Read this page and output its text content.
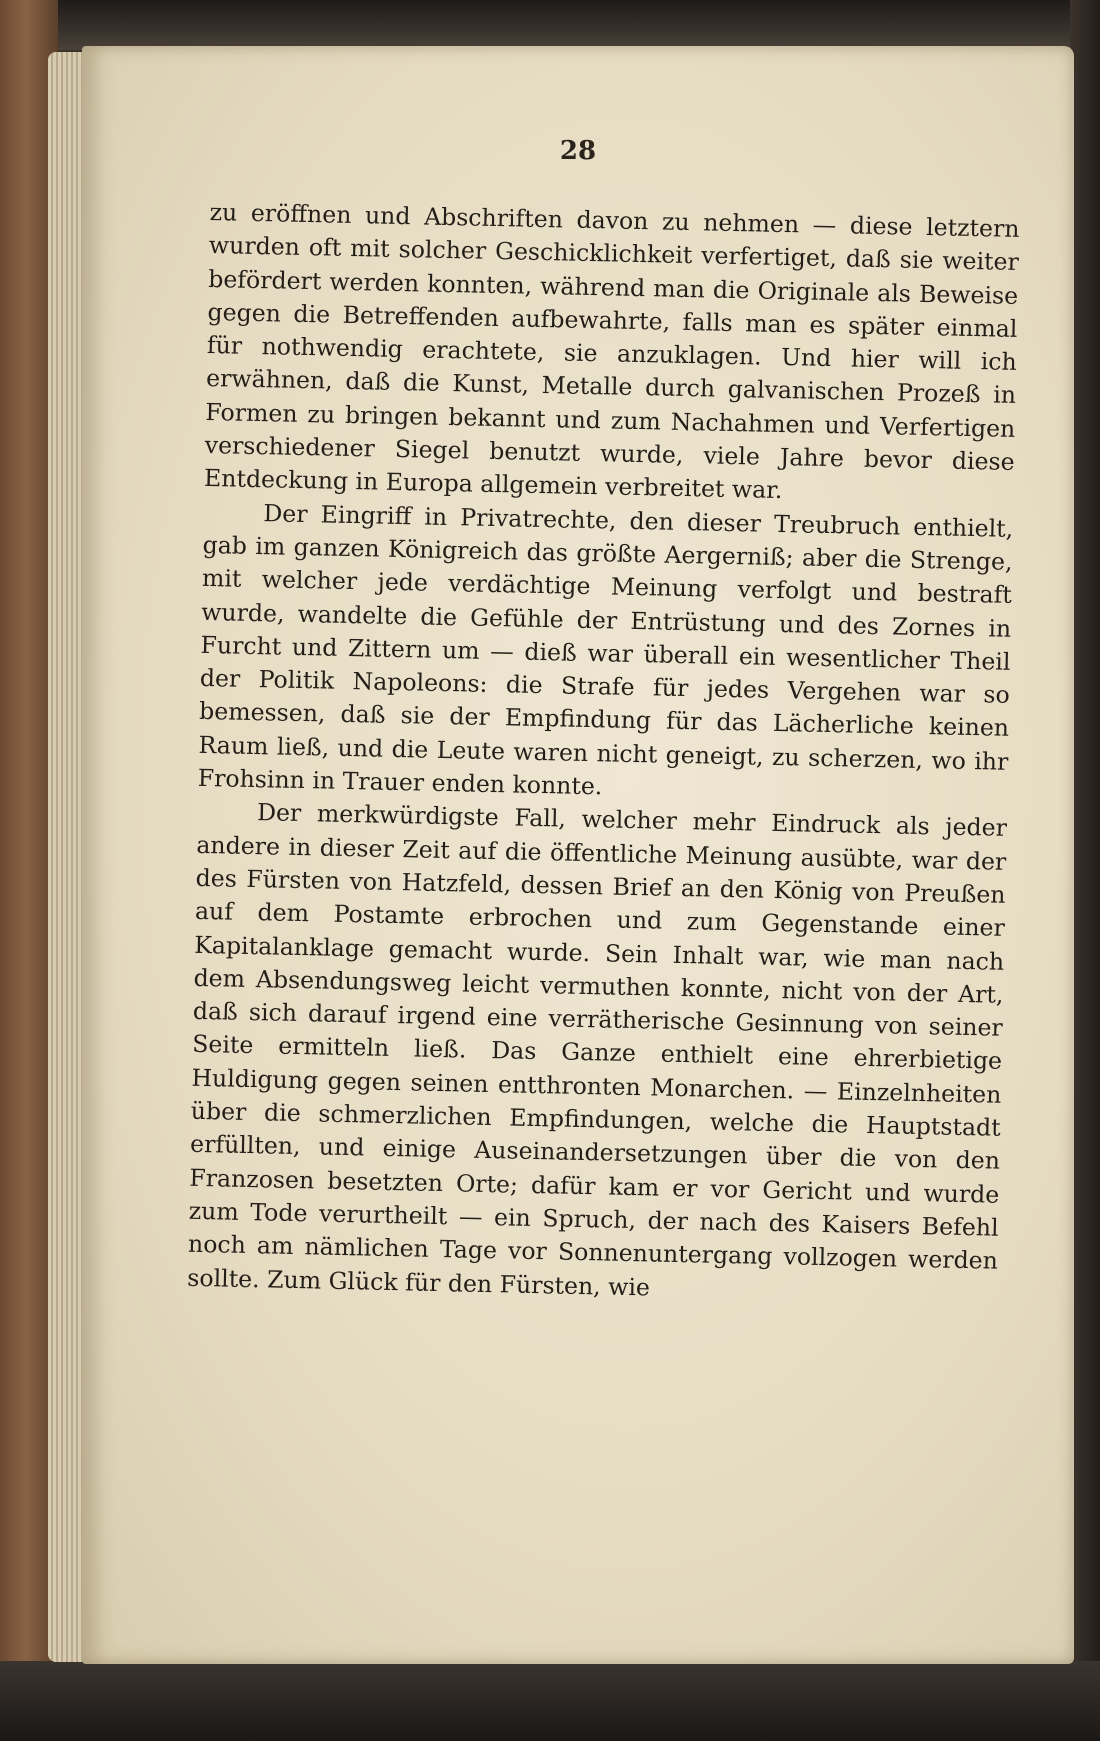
28

zu eröffnen und Abschriften davon zu nehmen — diese letztern wurden oft mit solcher Geschicklichkeit verfertiget, daß sie weiter befördert werden konnten, während man die Originale als Beweise gegen die Betreffenden aufbewahrte, falls man es später einmal für nothwendig erachtete, sie anzuklagen. Und hier will ich erwähnen, daß die Kunst, Metalle durch galvanischen Prozeß in Formen zu bringen bekannt und zum Nachahmen und Verfertigen verschiedener Siegel benutzt wurde, viele Jahre bevor diese Entdeckung in Europa allgemein verbreitet war.

Der Eingriff in Privatrechte, den dieser Treubruch enthielt, gab im ganzen Königreich das größte Aergerniß; aber die Strenge, mit welcher jede verdächtige Meinung verfolgt und bestraft wurde, wandelte die Gefühle der Entrüstung und des Zornes in Furcht und Zittern um — dieß war überall ein wesentlicher Theil der Politik Napoleons: die Strafe für jedes Vergehen war so bemessen, daß sie der Empfindung für das Lächerliche keinen Raum ließ, und die Leute waren nicht geneigt, zu scherzen, wo ihr Frohsinn in Trauer enden konnte.

Der merkwürdigste Fall, welcher mehr Eindruck als jeder andere in dieser Zeit auf die öffentliche Meinung ausübte, war der des Fürsten von Hatzfeld, dessen Brief an den König von Preußen auf dem Postamte erbrochen und zum Gegenstande einer Kapitalanklage gemacht wurde. Sein Inhalt war, wie man nach dem Absendungsweg leicht vermuthen konnte, nicht von der Art, daß sich darauf irgend eine verrätherische Gesinnung von seiner Seite ermitteln ließ. Das Ganze enthielt eine ehrerbietige Huldigung gegen seinen entthronten Monarchen. — Einzelnheiten über die schmerzlichen Empfindungen, welche die Hauptstadt erfüllten, und einige Auseinandersetzungen über die von den Franzosen besetzten Orte; dafür kam er vor Gericht und wurde zum Tode verurtheilt — ein Spruch, der nach des Kaisers Befehl noch am nämlichen Tage vor Sonnenuntergang vollzogen werden sollte. Zum Glück für den Fürsten, wie
